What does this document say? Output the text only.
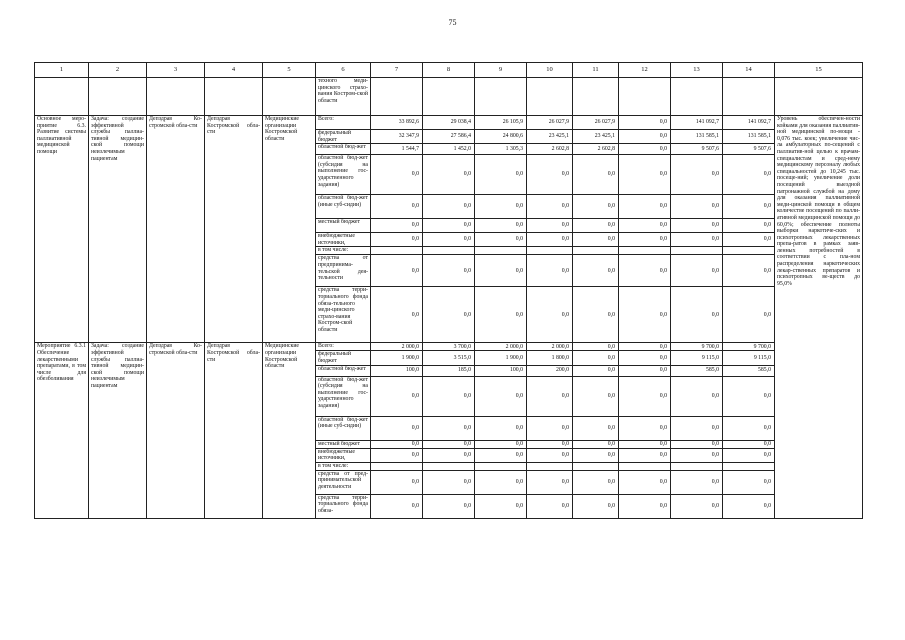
75
1	2	3	4	5	6	7	8	9	10	11	12	13	14	15
					техного меди-цинского страхо-вания Костром-ской области									
Основное меро-приятие 6.3. Развитие системы паллиативной медицинской помощи	Задача: создание эффективной службы паллиа-тивной медицин-ской помощи неизлечимым пациентам	Депздрав Ко-стромской обла-сти	Депздрав Костромской обла-сти	Медицинские организации Костромской области	Всего:	33 892,6	29 038,4	26 105,9	26 027,9	26 027,9	0,0	141 092,7	141 092,7	Уровень обеспечен-ности койками для оказания паллиатив-ной медицинской по-мощи - 0,076 тыс. коек; увеличение чис-ла амбулаторных по-сещений с паллиатив-ной целью к врачам-специалистам и сред-нему медицинскому персоналу любых специальностей до 10,245 тыс. посеще-ний; увеличение доли посещений выездной патронажной службой на дому для оказания паллиативной меди-цинской помощи в общем количестве посещений по палли-ативной медицинской помощи до 60,0%; обеспечение полноты выборки наркотиче-ских и психотропных лекарственных препа-ратов в рамках заяв-ленных потребностей в соответствии с пла-ном распределения наркотических лекар-ственных препаратов и психотропных ве-ществ до 95,0%
					федеральный бюджет	32 347,9	27 586,4	24 800,6	23 425,1	23 425,1	0,0	131 585,1	131 585,1	
					областной бюд-жет	1 544,7	1 452,0	1 305,3	2 602,8	2 602,8	0,0	9 507,6	9 507,6	
					областной бюд-жет (субсидия на выполнение гос-ударственного задания)	0,0	0,0	0,0	0,0	0,0	0,0	0,0	0,0	
					областной бюд-жет (иные суб-сидии)	0,0	0,0	0,0	0,0	0,0	0,0	0,0	0,0	
					местный бюджет	0,0	0,0	0,0	0,0	0,0	0,0	0,0	0,0	
					внебюджетные источники,	0,0	0,0	0,0	0,0	0,0	0,0	0,0	0,0	
					в том числе:									
					средства от предпринима-тельской дея-тельности	0,0	0,0	0,0	0,0	0,0	0,0	0,0	0,0	
					средства терри-ториального фонда обяза-тельного меди-цинского страхо-вания Костром-ской области	0,0	0,0	0,0	0,0	0,0	0,0	0,0	0,0	
Мероприятие 6.3.1 Обеспечение лекарственными препаратами, в том числе для обезболивания	Задача: создание эффективной службы паллиа-тивной медицин-ской помощи неизлечимым пациентам	Депздрав Ко-стромской обла-сти	Депздрав Костромской обла-сти	Медицинские организации Костромской области	Всего:	2 000,0	3 700,0	2 000,0	2 000,0	0,0	0,0	9 700,0	9 700,0	
					федеральный бюджет	1 900,0	3 515,0	1 900,0	1 800,0	0,0	0,0	9 115,0	9 115,0	
					областной бюд-жет	100,0	185,0	100,0	200,0	0,0	0,0	585,0	585,0	
					областной бюд-жет (субсидия на выполнение гос-ударственного задания)	0,0	0,0	0,0	0,0	0,0	0,0	0,0	0,0	
					областной бюд-жет (иные суб-сидии)	0,0	0,0	0,0	0,0	0,0	0,0	0,0	0,0	
					местный бюджет	0,0	0,0	0,0	0,0	0,0	0,0	0,0	0,0	
					внебюджетные источники,	0,0	0,0	0,0	0,0	0,0	0,0	0,0	0,0	
					в том числе:									
					средства от пред-принимательской деятельности	0,0	0,0	0,0	0,0	0,0	0,0	0,0	0,0	
					средства терри-ториального фонда обяза-	0,0	0,0	0,0	0,0	0,0	0,0	0,0	0,0	
